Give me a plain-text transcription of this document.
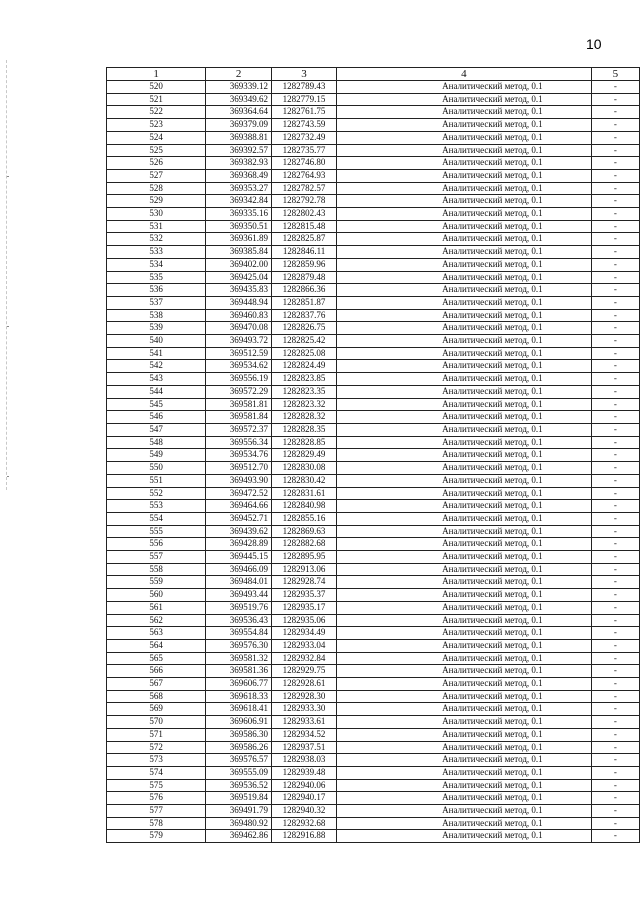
10
1	2	3	4	5
520	369339.12	1282789.43	Аналитический метод, 0.1	-
521	369349.62	1282779.15	Аналитический метод, 0.1	-
522	369364.64	1282761.75	Аналитический метод, 0.1	-
523	369379.09	1282743.59	Аналитический метод, 0.1	-
524	369388.81	1282732.49	Аналитический метод, 0.1	-
525	369392.57	1282735.77	Аналитический метод, 0.1	-
526	369382.93	1282746.80	Аналитический метод, 0.1	-
527	369368.49	1282764.93	Аналитический метод, 0.1	-
528	369353.27	1282782.57	Аналитический метод, 0.1	-
529	369342.84	1282792.78	Аналитический метод, 0.1	-
530	369335.16	1282802.43	Аналитический метод, 0.1	-
531	369350.51	1282815.48	Аналитический метод, 0.1	-
532	369361.89	1282825.87	Аналитический метод, 0.1	-
533	369385.84	1282846.11	Аналитический метод, 0.1	-
534	369402.00	1282859.96	Аналитический метод, 0.1	-
535	369425.04	1282879.48	Аналитический метод, 0.1	-
536	369435.83	1282866.36	Аналитический метод, 0.1	-
537	369448.94	1282851.87	Аналитический метод, 0.1	-
538	369460.83	1282837.76	Аналитический метод, 0.1	-
539	369470.08	1282826.75	Аналитический метод, 0.1	-
540	369493.72	1282825.42	Аналитический метод, 0.1	-
541	369512.59	1282825.08	Аналитический метод, 0.1	-
542	369534.62	1282824.49	Аналитический метод, 0.1	-
543	369556.19	1282823.85	Аналитический метод, 0.1	-
544	369572.29	1282823.35	Аналитический метод, 0.1	-
545	369581.81	1282823.32	Аналитический метод, 0.1	-
546	369581.84	1282828.32	Аналитический метод, 0.1	-
547	369572.37	1282828.35	Аналитический метод, 0.1	-
548	369556.34	1282828.85	Аналитический метод, 0.1	-
549	369534.76	1282829.49	Аналитический метод, 0.1	-
550	369512.70	1282830.08	Аналитический метод, 0.1	-
551	369493.90	1282830.42	Аналитический метод, 0.1	-
552	369472.52	1282831.61	Аналитический метод, 0.1	-
553	369464.66	1282840.98	Аналитический метод, 0.1	-
554	369452.71	1282855.16	Аналитический метод, 0.1	-
555	369439.62	1282869.63	Аналитический метод, 0.1	-
556	369428.89	1282882.68	Аналитический метод, 0.1	-
557	369445.15	1282895.95	Аналитический метод, 0.1	-
558	369466.09	1282913.06	Аналитический метод, 0.1	-
559	369484.01	1282928.74	Аналитический метод, 0.1	-
560	369493.44	1282935.37	Аналитический метод, 0.1	-
561	369519.76	1282935.17	Аналитический метод, 0.1	-
562	369536.43	1282935.06	Аналитический метод, 0.1	-
563	369554.84	1282934.49	Аналитический метод, 0.1	-
564	369576.30	1282933.04	Аналитический метод, 0.1	-
565	369581.32	1282932.84	Аналитический метод, 0.1	-
566	369581.36	1282929.75	Аналитический метод, 0.1	-
567	369606.77	1282928.61	Аналитический метод, 0.1	-
568	369618.33	1282928.30	Аналитический метод, 0.1	-
569	369618.41	1282933.30	Аналитический метод, 0.1	-
570	369606.91	1282933.61	Аналитический метод, 0.1	-
571	369586.30	1282934.52	Аналитический метод, 0.1	-
572	369586.26	1282937.51	Аналитический метод, 0.1	-
573	369576.57	1282938.03	Аналитический метод, 0.1	-
574	369555.09	1282939.48	Аналитический метод, 0.1	-
575	369536.52	1282940.06	Аналитический метод, 0.1	-
576	369519.84	1282940.17	Аналитический метод, 0.1	-
577	369491.79	1282940.32	Аналитический метод, 0.1	-
578	369480.92	1282932.68	Аналитический метод, 0.1	-
579	369462.86	1282916.88	Аналитический метод, 0.1	-
